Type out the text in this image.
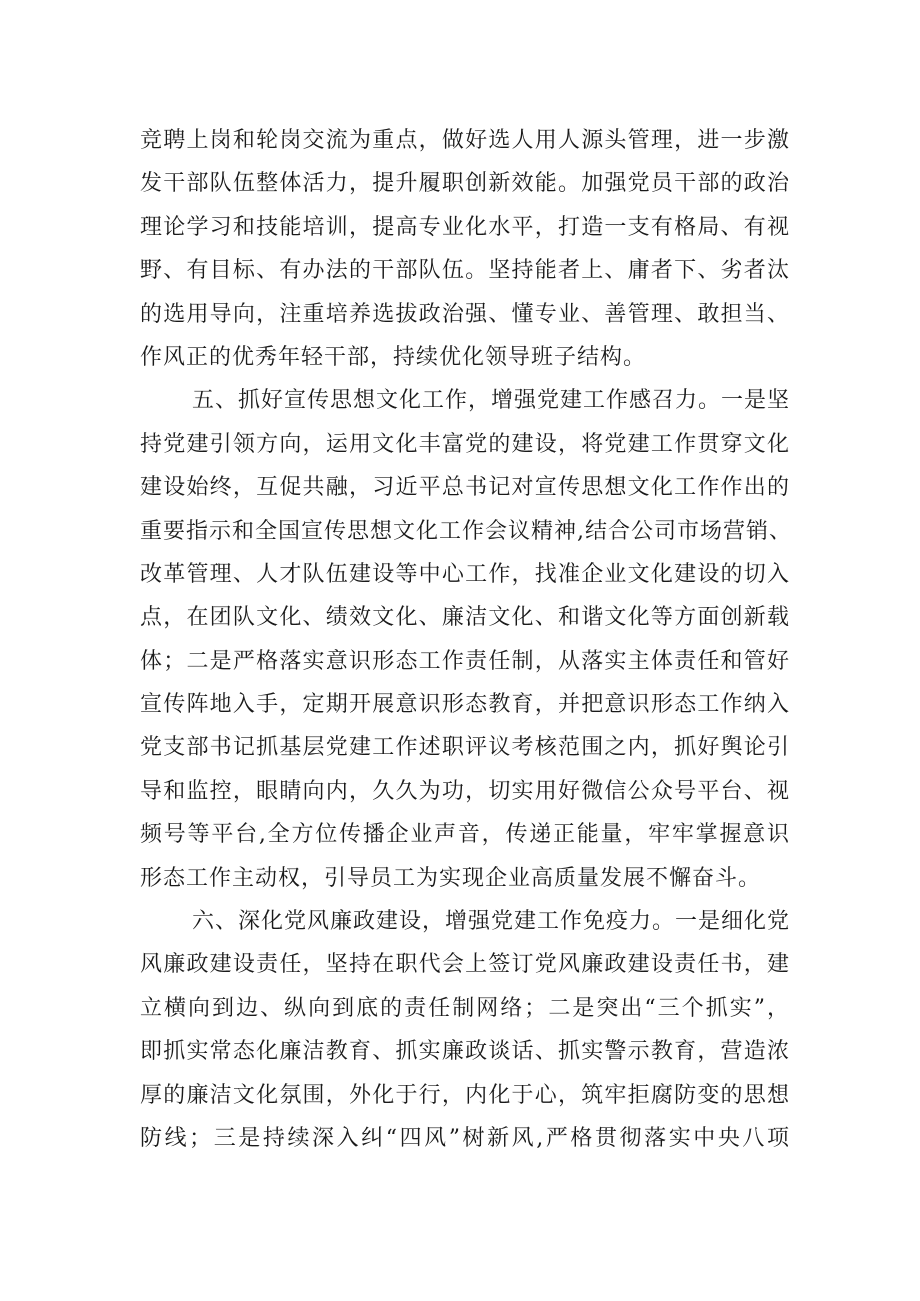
竞聘上岗和轮岗交流为重点，做好选人用人源头管理，进一步激
发干部队伍整体活力，提升履职创新效能。加强党员干部的政治
理论学习和技能培训，提高专业化水平，打造一支有格局、有视
野、有目标、有办法的干部队伍。坚持能者上、庸者下、劣者汰
的选用导向，注重培养选拔政治强、懂专业、善管理、敢担当、
作风正的优秀年轻干部，持续优化领导班子结构。
五、抓好宣传思想文化工作，增强党建工作感召力。一是坚
持党建引领方向，运用文化丰富党的建设，将党建工作贯穿文化
建设始终，互促共融，习近平总书记对宣传思想文化工作作出的
重要指示和全国宣传思想文化工作会议精神,结合公司市场营销、
改革管理、人才队伍建设等中心工作，找准企业文化建设的切入
点，在团队文化、绩效文化、廉洁文化、和谐文化等方面创新载
体；二是严格落实意识形态工作责任制，从落实主体责任和管好
宣传阵地入手，定期开展意识形态教育，并把意识形态工作纳入
党支部书记抓基层党建工作述职评议考核范围之内，抓好舆论引
导和监控，眼睛向内，久久为功，切实用好微信公众号平台、视
频号等平台,全方位传播企业声音，传递正能量，牢牢掌握意识
形态工作主动权，引导员工为实现企业高质量发展不懈奋斗。
六、深化党风廉政建设，增强党建工作免疫力。一是细化党
风廉政建设责任，坚持在职代会上签订党风廉政建设责任书，建
立横向到边、纵向到底的责任制网络；二是突出“三个抓实”，
即抓实常态化廉洁教育、抓实廉政谈话、抓实警示教育，营造浓
厚的廉洁文化氛围，外化于行，内化于心，筑牢拒腐防变的思想
防线；三是持续深入纠“四风”树新风,严格贯彻落实中央八项
